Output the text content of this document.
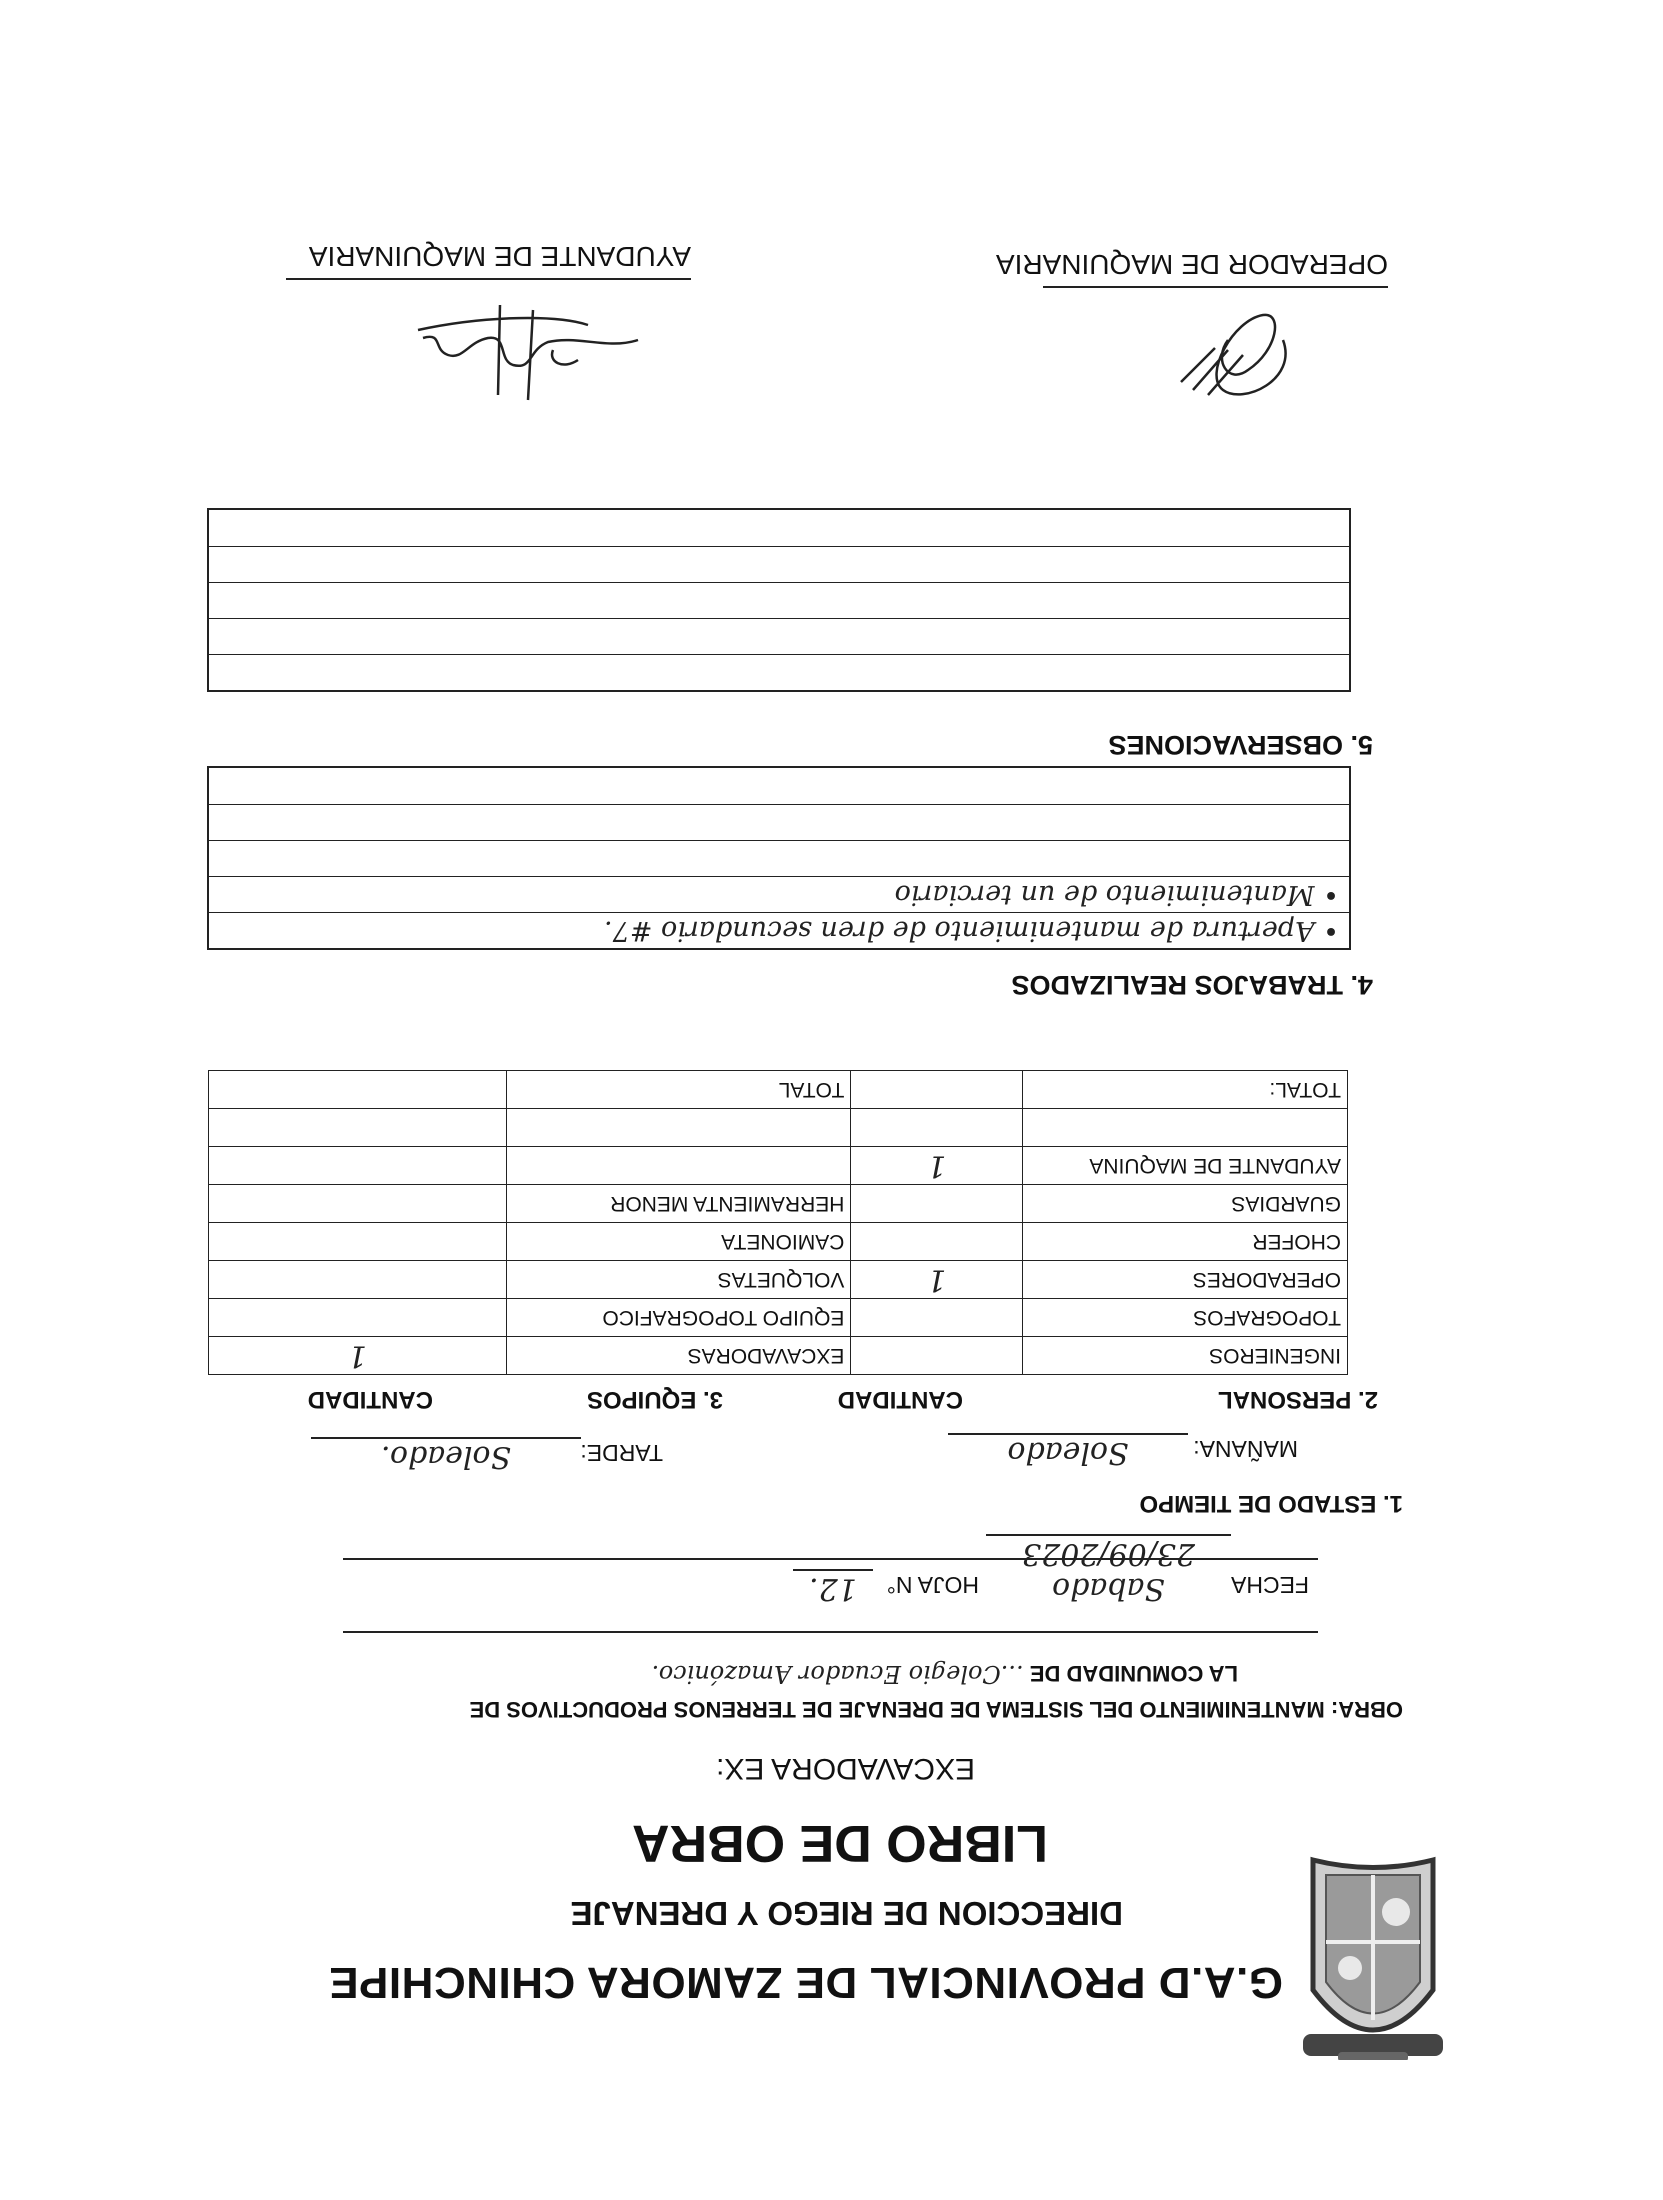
G.A.D PROVINCIAL DE ZAMORA CHINCHIPE
DIRECCION DE RIEGO Y DRENAJE
LIBRO DE OBRA
EXCAVADORA EX:
OBRA: MANTENIMIENTO DEL SISTEMA DE DRENAJE DE TERRENOS PRODUCTIVOS DE
LA COMUNIDAD DE ...Colegio Ecuador Amazónico.
FECHA
Sabado 23/09/2023
HOJA N°
12.
1. ESTADO DE TIEMPO
MAÑANA:
Soleado
TARDE:
Soleado.
2. PERSONAL
CANTIDAD
3. EQUIPOS
CANTIDAD
INGENIEROS		EXCAVADORAS	1
TOPOGRAFOS		EQUIPO TOPOGRAFICO	
OPERADORES	1	VOLQUETAS	
CHOFER		CAMIONETA	
GUARDIAS		HERRAMIENTA MENOR	
AYUDANTE DE MAQUINA	1		

TOTAL:		TOTAL	
4. TRABAJOS REALIZADOS
• Apertura de mantenimiento de dren secundario #7.
• Mantenimiento de un terciario
5. OBSERVACIONES
OPERADOR DE MAQUINARIA
AYUDANTE DE MAQUINARIA
